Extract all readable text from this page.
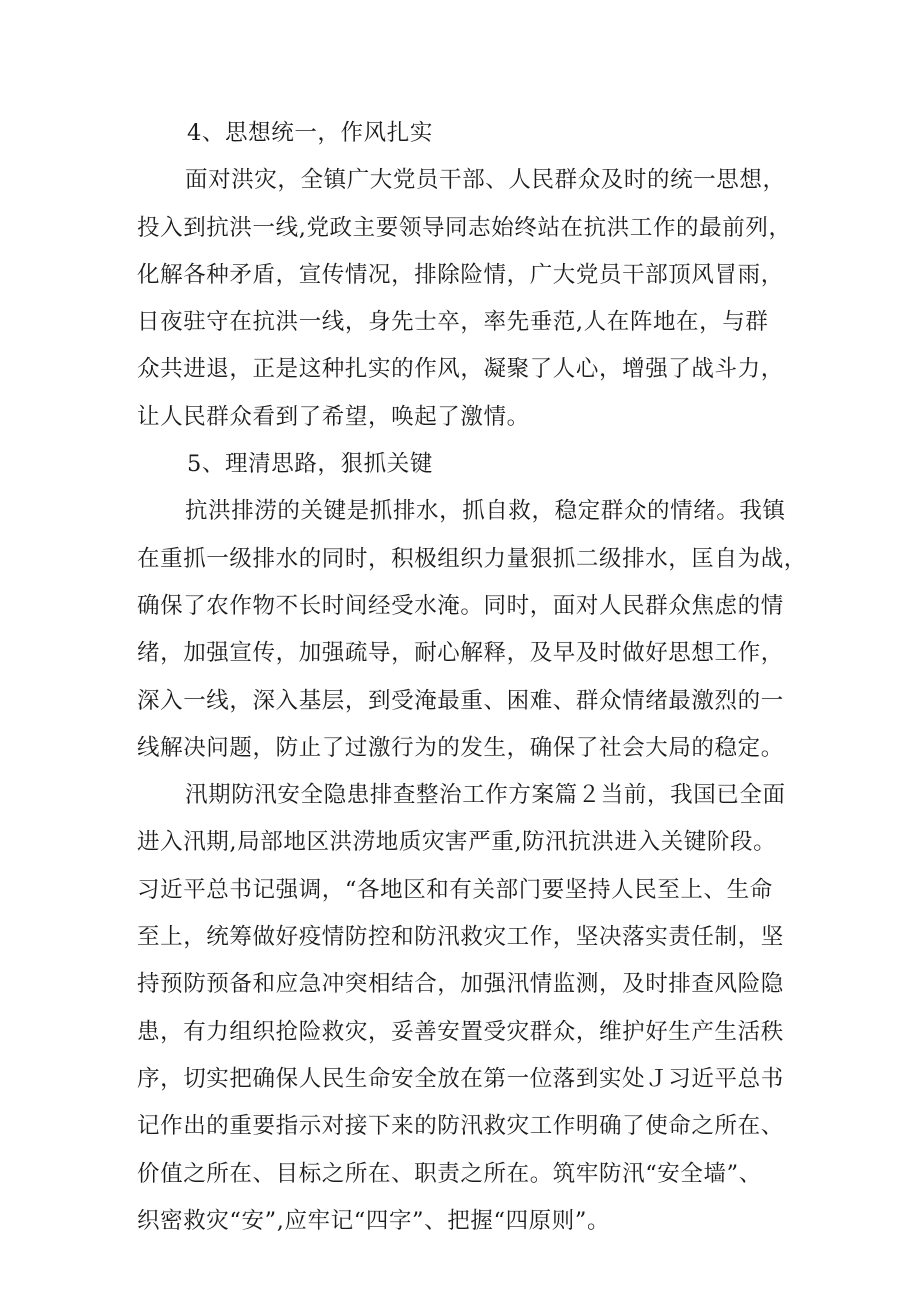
4、思想统一，作风扎实
面对洪灾，全镇广大党员干部、人民群众及时的统一思想，
投入到抗洪一线,党政主要领导同志始终站在抗洪工作的最前列，
化解各种矛盾，宣传情况，排除险情，广大党员干部顶风冒雨，
日夜驻守在抗洪一线，身先士卒，率先垂范,人在阵地在，与群
众共进退，正是这种扎实的作风，凝聚了人心，增强了战斗力，
让人民群众看到了希望，唤起了激情。
5、理清思路，狠抓关键
抗洪排涝的关键是抓排水，抓自救，稳定群众的情绪。我镇
在重抓一级排水的同时，积极组织力量狠抓二级排水，匡自为战，
确保了农作物不长时间经受水淹。同时，面对人民群众焦虑的情
绪，加强宣传，加强疏导，耐心解释，及早及时做好思想工作，
深入一线，深入基层，到受淹最重、困难、群众情绪最激烈的一
线解决问题，防止了过激行为的发生，确保了社会大局的稳定。
汛期防汛安全隐患排查整治工作方案篇２当前，我国已全面
进入汛期,局部地区洪涝地质灾害严重,防汛抗洪进入关键阶段。
习近平总书记强调，“各地区和有关部门要坚持人民至上、生命
至上，统筹做好疫情防控和防汛救灾工作，坚决落实责任制，坚
持预防预备和应急冲突相结合，加强汛情监测，及时排查风险隐
患，有力组织抢险救灾，妥善安置受灾群众，维护好生产生活秩
序，切实把确保人民生命安全放在第一位落到实处Ｊ习近平总书
记作出的重要指示对接下来的防汛救灾工作明确了使命之所在、
价值之所在、目标之所在、职责之所在。筑牢防汛“安全墙”、
织密救灾“安”,应牢记“四字”、把握“四原则”。
